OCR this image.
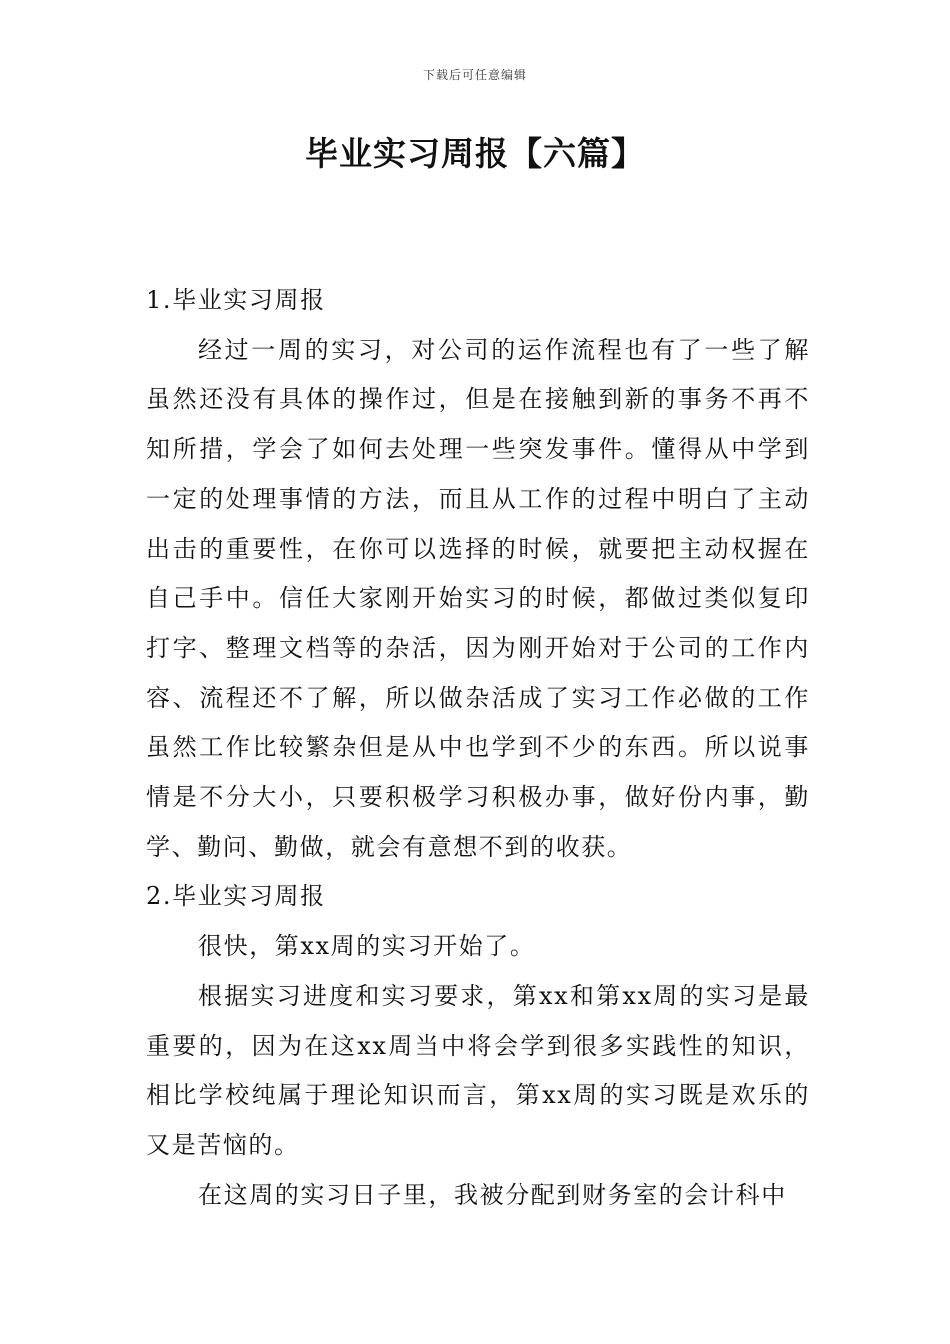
下载后可任意编辑
毕业实习周报【六篇】

1.毕业实习周报

经过一周的实习，对公司的运作流程也有了一些了解虽然还没有具体的操作过，但是在接触到新的事务不再不知所措，学会了如何去处理一些突发事件。懂得从中学到一定的处理事情的方法，而且从工作的过程中明白了主动出击的重要性，在你可以选择的时候，就要把主动权握在自己手中。信任大家刚开始实习的时候，都做过类似复印打字、整理文档等的杂活，因为刚开始对于公司的工作内容、流程还不了解，所以做杂活成了实习工作必做的工作虽然工作比较繁杂但是从中也学到不少的东西。所以说事情是不分大小，只要积极学习积极办事，做好份内事，勤学、勤问、勤做，就会有意想不到的收获。

2.毕业实习周报

很快，第xx周的实习开始了。

根据实习进度和实习要求，第xx和第xx周的实习是最重要的，因为在这xx周当中将会学到很多实践性的知识，相比学校纯属于理论知识而言，第xx周的实习既是欢乐的又是苦恼的。

在这周的实习日子里，我被分配到财务室的会计科中
